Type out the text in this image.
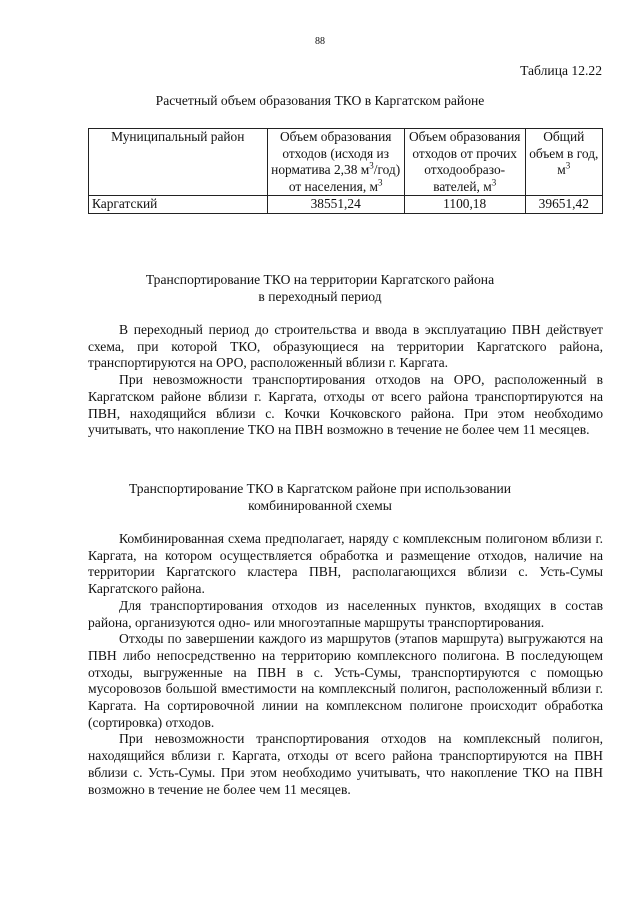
88
Таблица 12.22
Расчетный объем образования ТКО в Каргатском районе
Муниципальный район	Объем образования отходов (исходя из норматива 2,38 $м^3/год$) от населения, $м^3$	Объем образования отходов от прочих отходообразо-вателей, $м^3$	Общий объем в год, $м^3$
Каргатский	38551,24	1100,18	39651,42
Транспортирование ТКО на территории Каргатского района
в переходный период

В переходный период до строительства и ввода в эксплуатацию ПВН действует схема, при которой ТКО, образующиеся на территории Каргатского района, транспортируются на ОРО, расположенный вблизи г. Каргата.

При невозможности транспортирования отходов на ОРО, расположенный в Каргатском районе вблизи г. Каргата, отходы от всего района транспортируются на ПВН, находящийся вблизи с. Кочки Кочковского района. При этом необходимо учитывать, что накопление ТКО на ПВН возможно в течение не более чем 11 месяцев.

Транспортирование ТКО в Каргатском районе при использовании
комбинированной схемы

Комбинированная схема предполагает, наряду с комплексным полигоном вблизи г. Каргата, на котором осуществляется обработка и размещение отходов, наличие на территории Каргатского кластера ПВН, располагающихся вблизи с. Усть-Сумы Каргатского района.

Для транспортирования отходов из населенных пунктов, входящих в состав района, организуются одно- или многоэтапные маршруты транспортирования.

Отходы по завершении каждого из маршрутов (этапов маршрута) выгружаются на ПВН либо непосредственно на территорию комплексного полигона. В последующем отходы, выгруженные на ПВН в с. Усть-Сумы, транспортируются с помощью мусоровозов большой вместимости на комплексный полигон, расположенный вблизи г. Каргата. На сортировочной линии на комплексном полигоне происходит обработка (сортировка) отходов.

При невозможности транспортирования отходов на комплексный полигон, находящийся вблизи г. Каргата, отходы от всего района транспортируются на ПВН вблизи с. Усть-Сумы. При этом необходимо учитывать, что накопление ТКО на ПВН возможно в течение не более чем 11 месяцев.
